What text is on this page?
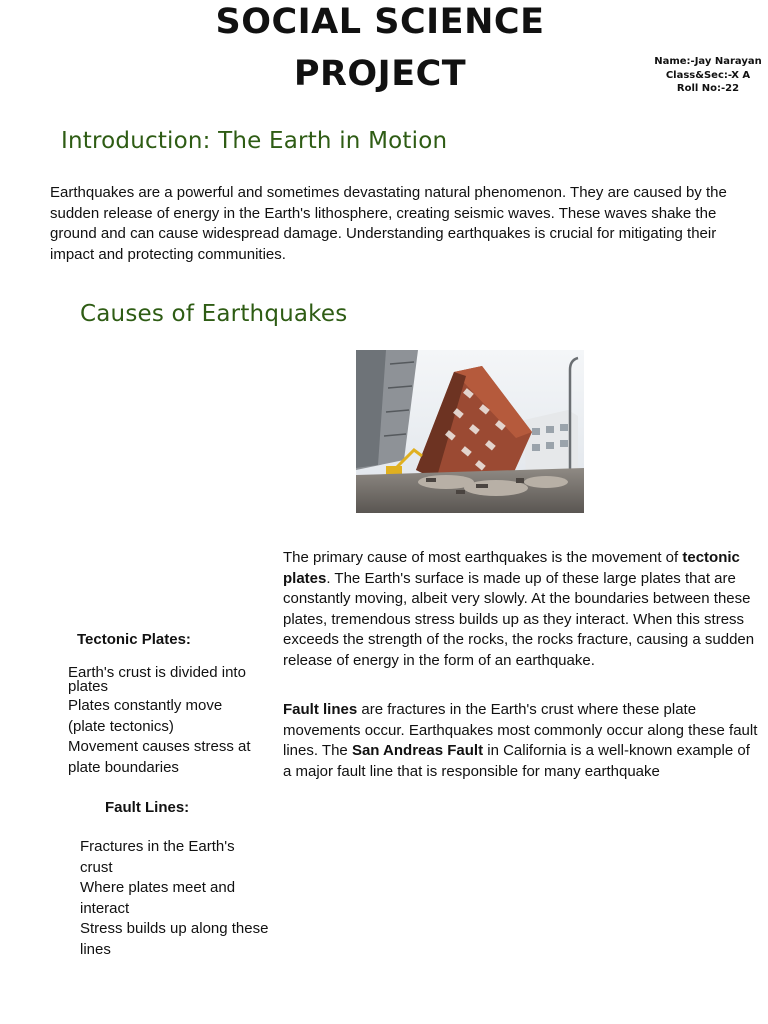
SOCIAL SCIENCE
PROJECT	Name:-Jay Narayan
Class&Sec:-X A
Roll No:-22
Introduction: The Earth in Motion
Earthquakes are a powerful and sometimes devastating natural phenomenon. They are caused by the sudden release of energy in the Earth's lithosphere, creating seismic waves. These waves shake the ground and can cause widespread damage. Understanding earthquakes is crucial for mitigating their impact and protecting communities.
Causes of Earthquakes
The primary cause of most earthquakes is the movement of tectonic plates. The Earth's surface is made up of these large plates that are constantly moving, albeit very slowly. At the boundaries between these plates, tremendous stress builds up as they interact. When this stress exceeds the strength of the rocks, the rocks fracture, causing a sudden release of energy in the form of an earthquake.
Fault lines are fractures in the Earth's crust where these plate movements occur. Earthquakes most commonly occur along these fault lines. The San Andreas Fault in California is a well-known example of a major fault line that is responsible for many earthquake
Tectonic Plates:
Earth's crust is divided into plates
Plates constantly move (plate tectonics)
Movement causes stress at plate boundaries
Fault Lines:
Fractures in the Earth's crust
Where plates meet and interact
Stress builds up along these lines
